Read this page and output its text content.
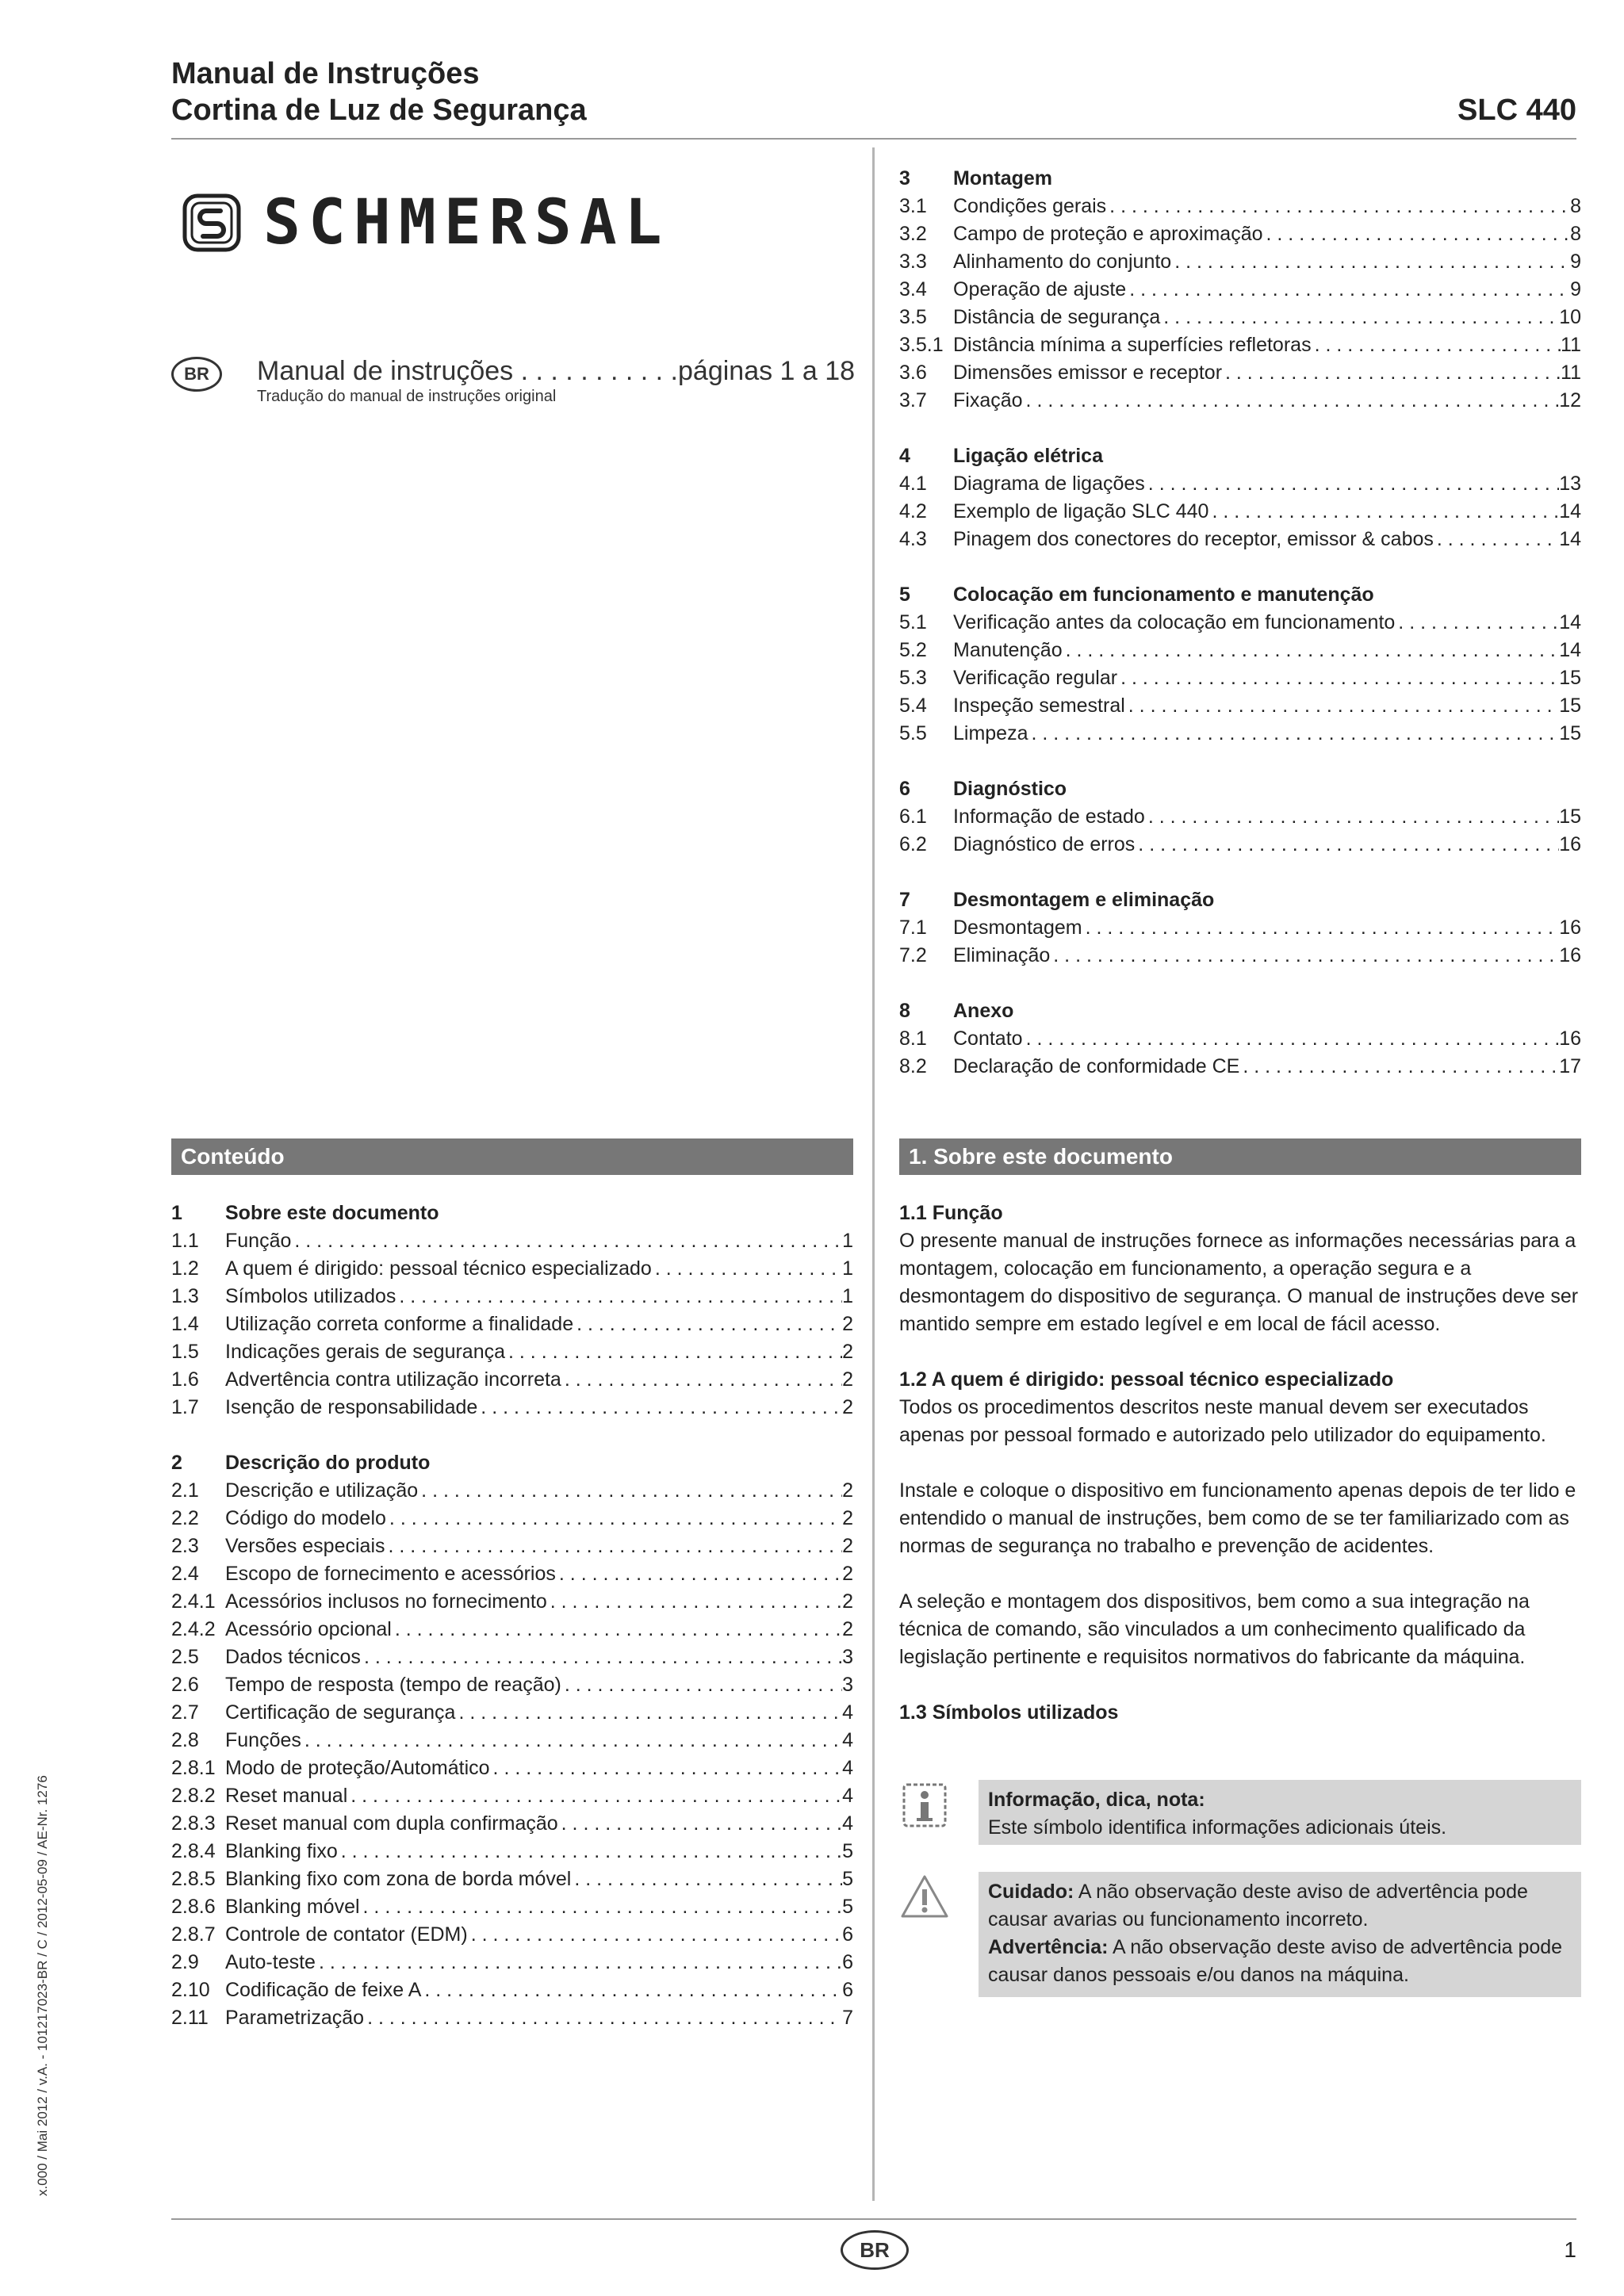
Manual de Instruções
Cortina de Luz de Segurança	SLC 440
SCHMERSAL
BR	Manual de instruções . . . . . . . . . . .páginas 1 a 18
Tradução do manual de instruções original
3	Montagem
3.1	Condições gerais . . .	8
3.2	Campo de proteção e aproximação . . .	8
3.3	Alinhamento do conjunto . . .	9
3.4	Operação de ajuste . . .	9
3.5	Distância de segurança . . .	10
3.5.1 Distância mínima a superfícies refletoras . . .	11
3.6	Dimensões emissor e receptor . . .	11
3.7	Fixação . . .	12
4	Ligação elétrica
4.1	Diagrama de ligações . . .	13
4.2	Exemplo de ligação SLC 440 . . .	14
4.3	Pinagem dos conectores do receptor, emissor & cabos . . .	14
5	Colocação em funcionamento e manutenção
5.1	Verificação antes da colocação em funcionamento . . .	14
5.2	Manutenção . . .	14
5.3	Verificação regular . . .	15
5.4	Inspeção semestral . . .	15
5.5	Limpeza . . .	15
6	Diagnóstico
6.1	Informação de estado . . .	15
6.2	Diagnóstico de erros . . .	16
7	Desmontagem e eliminação
7.1	Desmontagem . . .	16
7.2	Eliminação . . .	16
8	Anexo
8.1	Contato . . .	16
8.2	Declaração de conformidade CE . . .	17
Conteúdo
1	Sobre este documento
1.1	Função . . .	1
1.2	A quem é dirigido: pessoal técnico especializado . . .	1
1.3	Símbolos utilizados . . .	1
1.4	Utilização correta conforme a finalidade . . .	2
1.5	Indicações gerais de segurança . . .	2
1.6	Advertência contra utilização incorreta . . .	2
1.7	Isenção de responsabilidade . . .	2
2	Descrição do produto
2.1	Descrição e utilização . . .	2
2.2	Código do modelo . . .	2
2.3	Versões especiais . . .	2
2.4	Escopo de fornecimento e acessórios . . .	2
2.4.1 Acessórios inclusos no fornecimento . . .	2
2.4.2 Acessório opcional . . .	2
2.5	Dados técnicos . . .	3
2.6	Tempo de resposta (tempo de reação) . . .	3
2.7	Certificação de segurança . . .	4
2.8	Funções . . .	4
2.8.1 Modo de proteção/Automático . . .	4
2.8.2 Reset manual . . .	4
2.8.3 Reset manual com dupla confirmação . . .	4
2.8.4 Blanking fixo . . .	5
2.8.5 Blanking fixo com zona de borda móvel . . .	5
2.8.6 Blanking móvel . . .	5
2.8.7 Controle de contator (EDM) . . .	6
2.9	Auto-teste . . .	6
2.10 Codificação de feixe A . . .	6
2.11 Parametrização . . .	7
1. Sobre este documento
1.1 Função

O presente manual de instruções fornece as informações necessárias para a montagem, colocação em funcionamento, a operação segura e a desmontagem do dispositivo de segurança. O manual de instruções deve ser mantido sempre em estado legível e em local de fácil acesso.

1.2 A quem é dirigido: pessoal técnico especializado

Todos os procedimentos descritos neste manual devem ser executados apenas por pessoal formado e autorizado pelo utilizador do equipamento.

Instale e coloque o dispositivo em funcionamento apenas depois de ter lido e entendido o manual de instruções, bem como de se ter familiarizado com as normas de segurança no trabalho e prevenção de acidentes.

A seleção e montagem dos dispositivos, bem como a sua integração na técnica de comando, são vinculados a um conhecimento qualificado da legislação pertinente e requisitos normativos do fabricante da máquina.

1.3 Símbolos utilizados
Informação, dica, nota:
Este símbolo identifica informações adicionais úteis.
Cuidado: A não observação deste aviso de advertência pode causar avarias ou funcionamento incorreto.
Advertência: A não observação deste aviso de advertência pode causar danos pessoais e/ou danos na máquina.
x.000 / Mai 2012 / v.A. - 101217023-BR / C / 2012-05-09 / AE-Nr. 1276
BR	1
